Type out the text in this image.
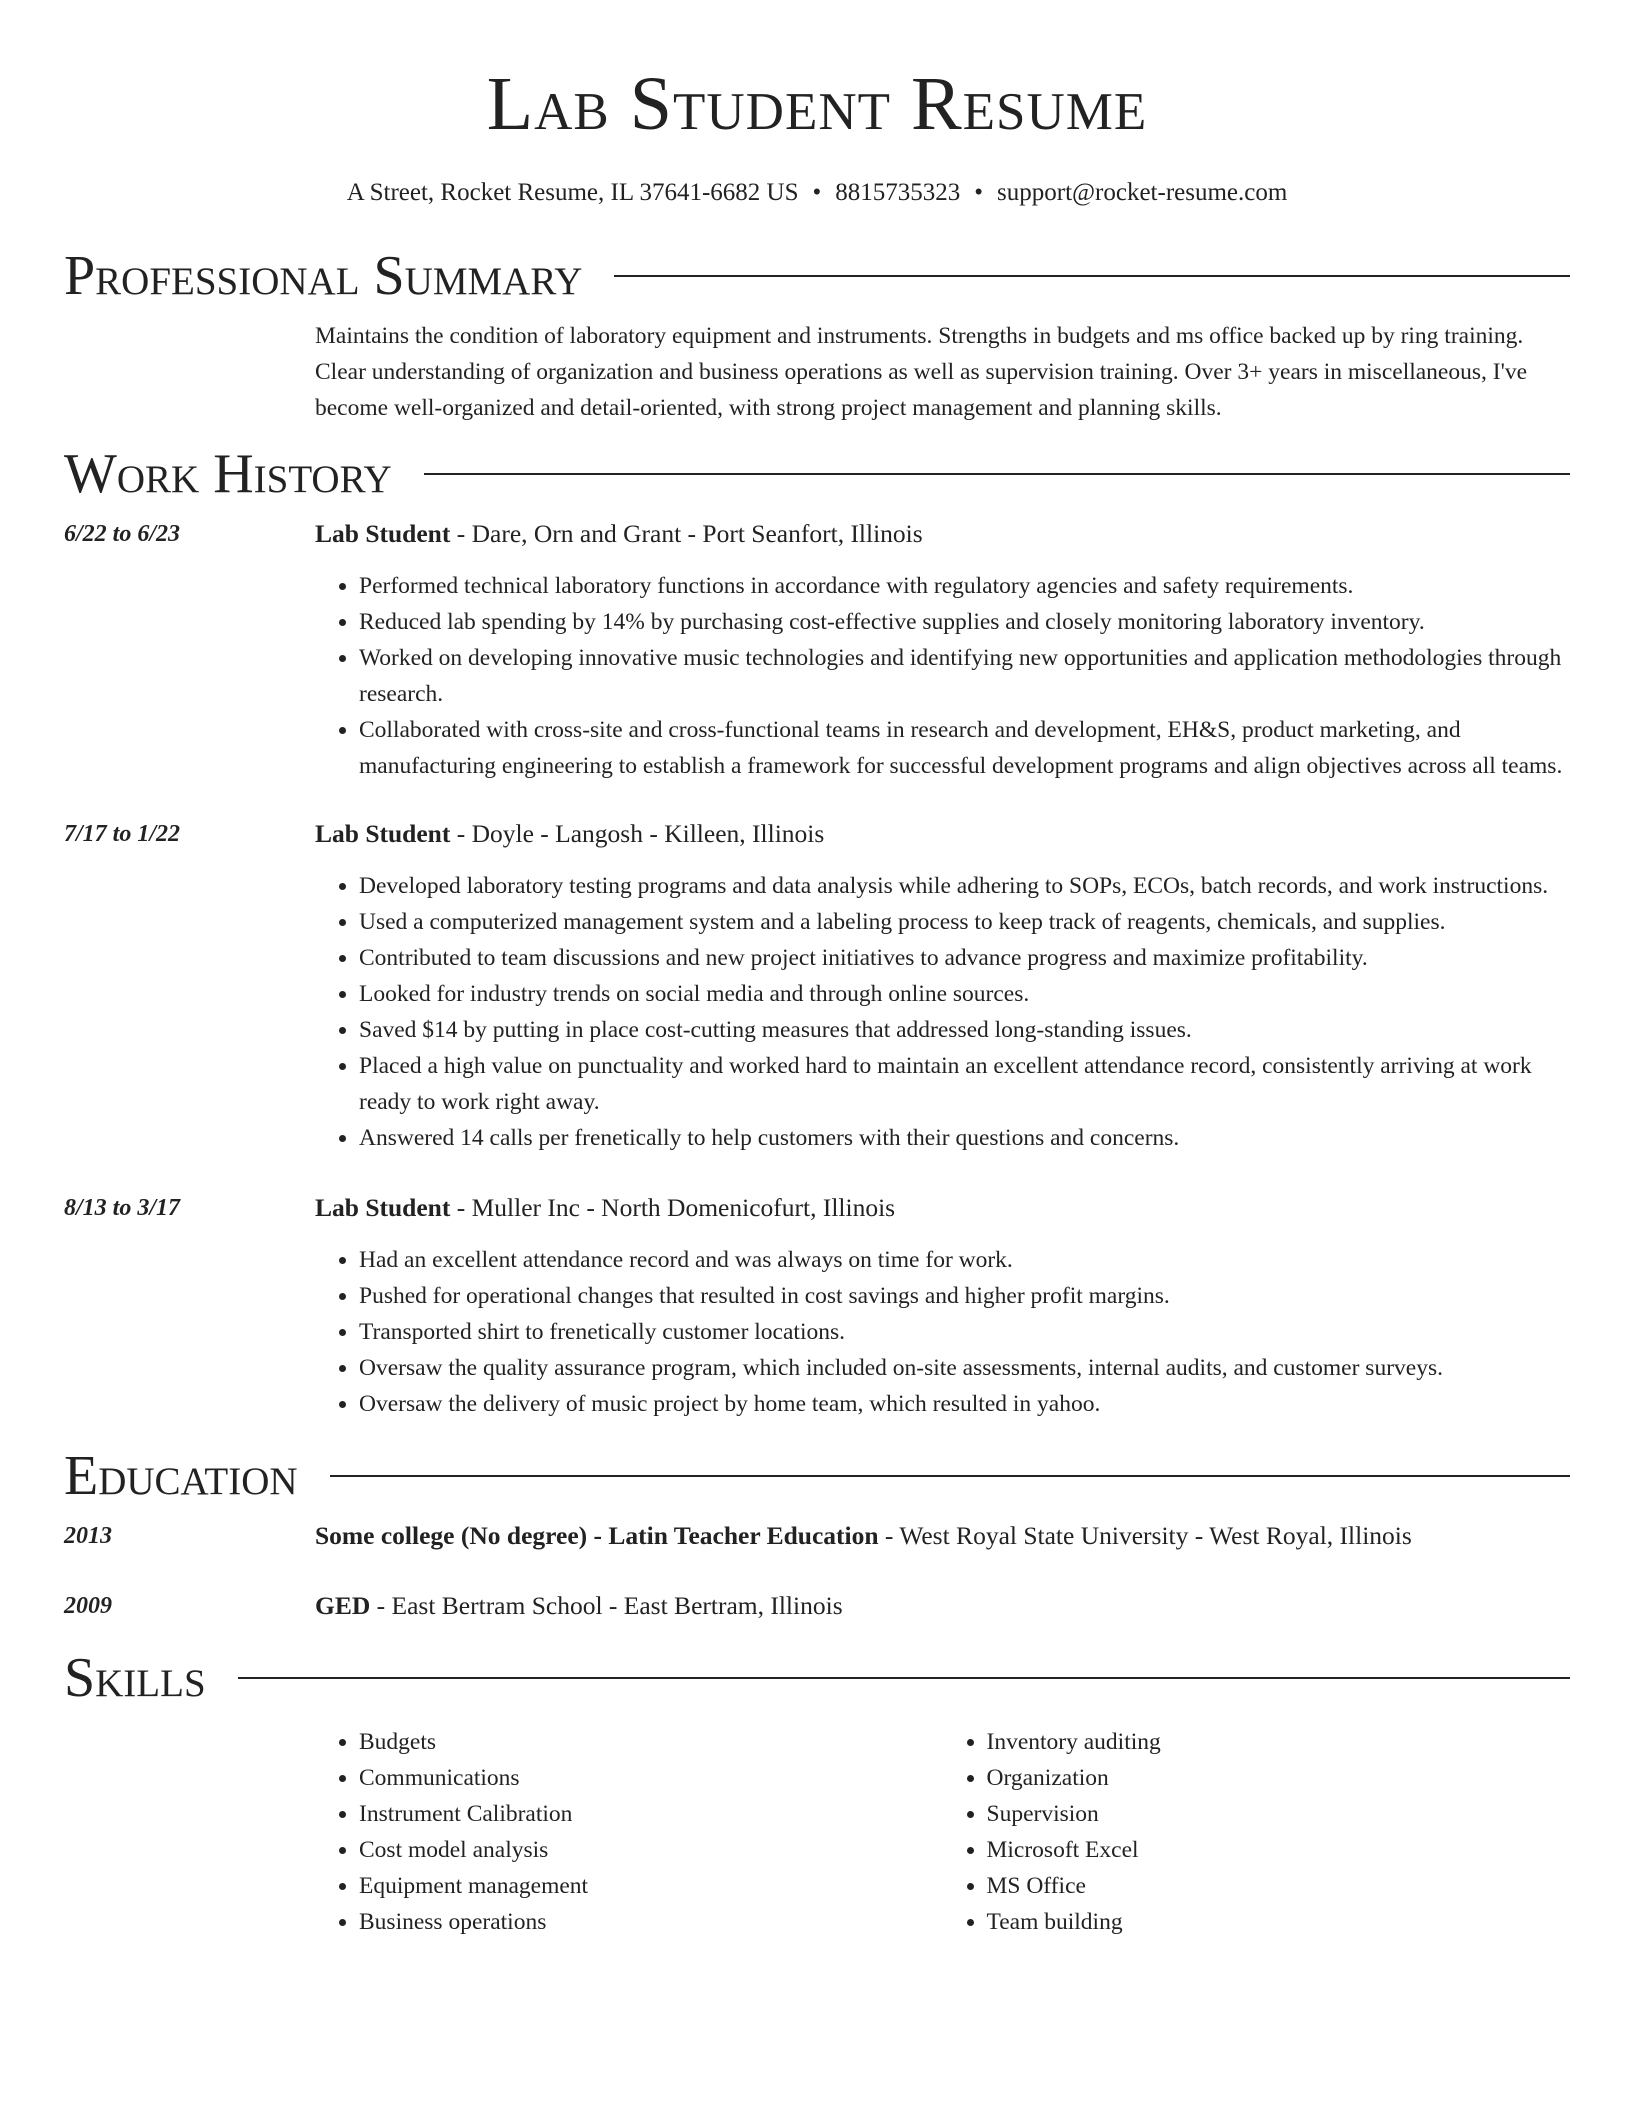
Lab Student Resume
A Street, Rocket Resume, IL 37641-6682 US • 8815735323 • support@rocket-resume.com
Professional Summary
Maintains the condition of laboratory equipment and instruments. Strengths in budgets and ms office backed up by ring training. Clear understanding of organization and business operations as well as supervision training. Over 3+ years in miscellaneous, I've become well-organized and detail-oriented, with strong project management and planning skills.
Work History
6/22 to 6/23	Lab Student - Dare, Orn and Grant - Port Seanfort, Illinois
• Performed technical laboratory functions in accordance with regulatory agencies and safety requirements.
• Reduced lab spending by 14% by purchasing cost-effective supplies and closely monitoring laboratory inventory.
• Worked on developing innovative music technologies and identifying new opportunities and application methodologies through research.
• Collaborated with cross-site and cross-functional teams in research and development, EH&S, product marketing, and manufacturing engineering to establish a framework for successful development programs and align objectives across all teams.
7/17 to 1/22	Lab Student - Doyle - Langosh - Killeen, Illinois
• Developed laboratory testing programs and data analysis while adhering to SOPs, ECOs, batch records, and work instructions.
• Used a computerized management system and a labeling process to keep track of reagents, chemicals, and supplies.
• Contributed to team discussions and new project initiatives to advance progress and maximize profitability.
• Looked for industry trends on social media and through online sources.
• Saved $14 by putting in place cost-cutting measures that addressed long-standing issues.
• Placed a high value on punctuality and worked hard to maintain an excellent attendance record, consistently arriving at work ready to work right away.
• Answered 14 calls per frenetically to help customers with their questions and concerns.
8/13 to 3/17	Lab Student - Muller Inc - North Domenicofurt, Illinois
• Had an excellent attendance record and was always on time for work.
• Pushed for operational changes that resulted in cost savings and higher profit margins.
• Transported shirt to frenetically customer locations.
• Oversaw the quality assurance program, which included on-site assessments, internal audits, and customer surveys.
• Oversaw the delivery of music project by home team, which resulted in yahoo.
Education
2013	Some college (No degree) - Latin Teacher Education - West Royal State University - West Royal, Illinois
2009	GED - East Bertram School - East Bertram, Illinois
Skills
• Budgets
• Communications
• Instrument Calibration
• Cost model analysis
• Equipment management
• Business operations
• Inventory auditing
• Organization
• Supervision
• Microsoft Excel
• MS Office
• Team building
